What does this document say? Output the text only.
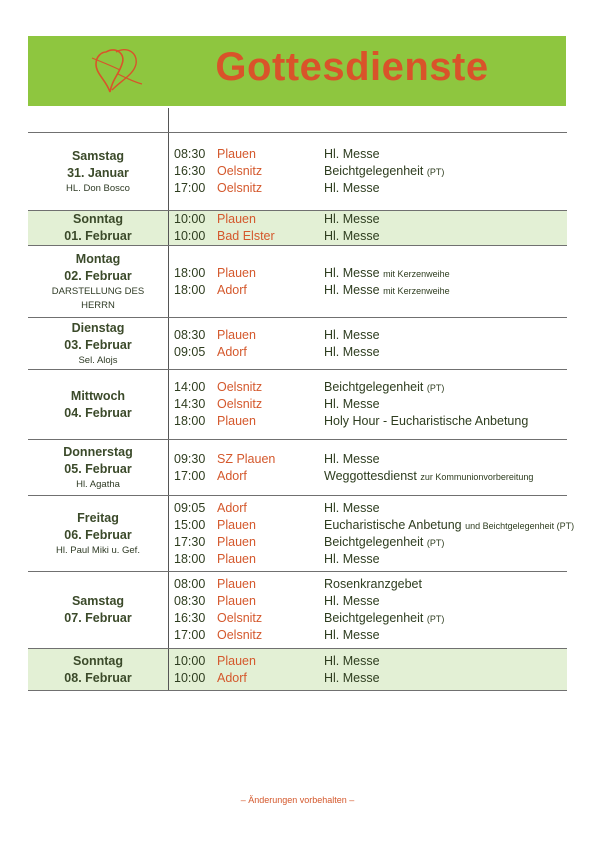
Gottesdienste
Samstag
31. Januar
HL. Don Bosco
08:30 Plauen	Hl. Messe
16:30 Oelsnitz	Beichtgelegenheit (PT)
17:00 Oelsnitz	Hl. Messe
Sonntag
01. Februar
10:00 Plauen	Hl. Messe
10:00 Bad Elster	Hl. Messe
Montag
02. Februar
DARSTELLUNG DES HERRN
18:00 Plauen	Hl. Messe mit Kerzenweihe
18:00 Adorf	Hl. Messe mit Kerzenweihe
Dienstag
03. Februar
Sel. Alojs
08:30 Plauen	Hl. Messe
09:05 Adorf	Hl. Messe
Mittwoch
04. Februar
14:00 Oelsnitz	Beichtgelegenheit (PT)
14:30 Oelsnitz	Hl. Messe
18:00 Plauen	Holy Hour - Eucharistische Anbetung
Donnerstag
05. Februar
Hl. Agatha
09:30 SZ Plauen	Hl. Messe
17:00 Adorf	Weggottesdienst zur Kommunionvorbereitung
Freitag
06. Februar
Hl. Paul Miki u. Gef.
09:05 Adorf	Hl. Messe
15:00 Plauen	Eucharistische Anbetung und Beichtgelegenheit (PT)
17:30 Plauen	Beichtgelegenheit (PT)
18:00 Plauen	Hl. Messe
Samstag
07. Februar
08:00 Plauen	Rosenkranzgebet
08:30 Plauen	Hl. Messe
16:30 Oelsnitz	Beichtgelegenheit (PT)
17:00 Oelsnitz	Hl. Messe
Sonntag
08. Februar
10:00 Plauen	Hl. Messe
10:00 Adorf	Hl. Messe
– Änderungen vorbehalten –
